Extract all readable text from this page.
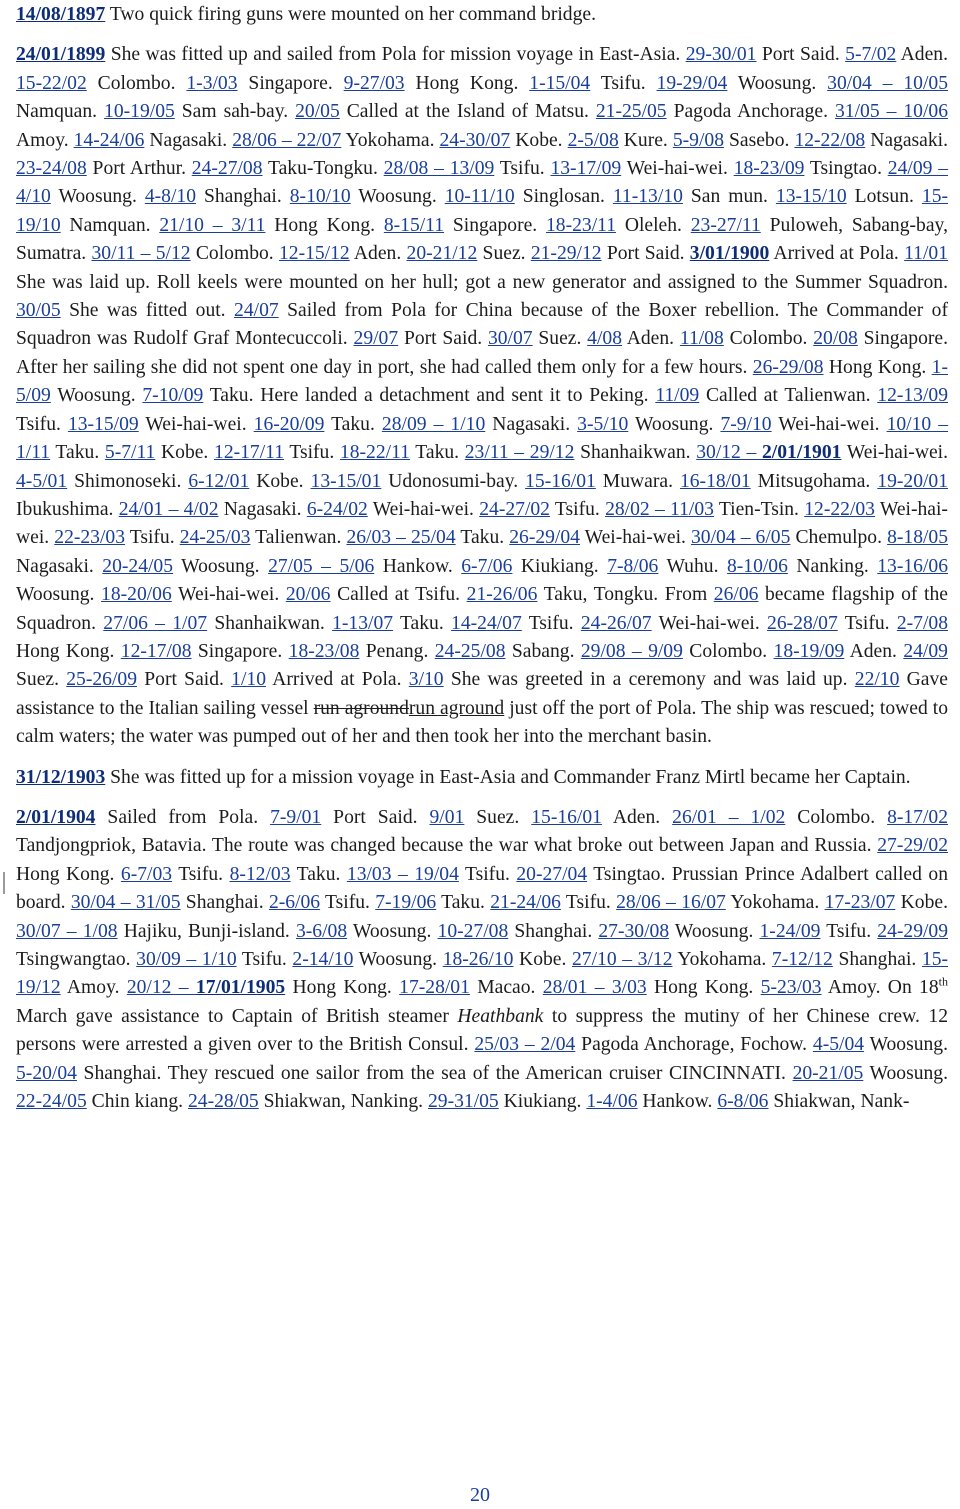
14/08/1897 Two quick firing guns were mounted on her command bridge.

24/01/1899 She was fitted up and sailed from Pola for mission voyage in East-Asia. 29-30/01 Port Said. 5-7/02 Aden. 15-22/02 Colombo. 1-3/03 Singapore. 9-27/03 Hong Kong. 1-15/04 Tsifu. 19-29/04 Woosung. 30/04 – 10/05 Namquan. 10-19/05 Sam sah-bay. 20/05 Called at the Island of Matsu. 21-25/05 Pagoda Anchorage. 31/05 – 10/06 Amoy. 14-24/06 Nagasaki. 28/06 – 22/07 Yokohama. 24-30/07 Kobe. 2-5/08 Kure. 5-9/08 Sasebo. 12-22/08 Nagasaki. 23-24/08 Port Arthur. 24-27/08 Taku-Tongku. 28/08 – 13/09 Tsifu. 13-17/09 Wei-hai-wei. 18-23/09 Tsingtao. 24/09 – 4/10 Woosung. 4-8/10 Shanghai. 8-10/10 Woosung. 10-11/10 Singlosan. 11-13/10 San mun. 13-15/10 Lotsun. 15-19/10 Namquan. 21/10 – 3/11 Hong Kong. 8-15/11 Singapore. 18-23/11 Oleleh. 23-27/11 Puloweh, Sabang-bay, Sumatra. 30/11 – 5/12 Colombo. 12-15/12 Aden. 20-21/12 Suez. 21-29/12 Port Said. 3/01/1900 Arrived at Pola. 11/01 She was laid up. Roll keels were mounted on her hull; got a new generator and assigned to the Summer Squadron. 30/05 She was fitted out. 24/07 Sailed from Pola for China because of the Boxer rebellion. The Commander of Squadron was Rudolf Graf Montecuccoli. 29/07 Port Said. 30/07 Suez. 4/08 Aden. 11/08 Colombo. 20/08 Singapore. After her sailing she did not spent one day in port, she had called them only for a few hours. 26-29/08 Hong Kong. 1-5/09 Woosung. 7-10/09 Taku. Here landed a detachment and sent it to Peking. 11/09 Called at Talienwan. 12-13/09 Tsifu. 13-15/09 Wei-hai-wei. 16-20/09 Taku. 28/09 – 1/10 Nagasaki. 3-5/10 Woosung. 7-9/10 Wei-hai-wei. 10/10 – 1/11 Taku. 5-7/11 Kobe. 12-17/11 Tsifu. 18-22/11 Taku. 23/11 – 29/12 Shanhaikwan. 30/12 – 2/01/1901 Wei-hai-wei. 4-5/01 Shimonoseki. 6-12/01 Kobe. 13-15/01 Udonosumi-bay. 15-16/01 Muwara. 16-18/01 Mitsugohama. 19-20/01 Ibukushima. 24/01 – 4/02 Nagasaki. 6-24/02 Wei-hai-wei. 24-27/02 Tsifu. 28/02 – 11/03 Tien-Tsin. 12-22/03 Wei-hai-wei. 22-23/03 Tsifu. 24-25/03 Talienwan. 26/03 – 25/04 Taku. 26-29/04 Wei-hai-wei. 30/04 – 6/05 Chemulpo. 8-18/05 Nagasaki. 20-24/05 Woosung. 27/05 – 5/06 Hankow. 6-7/06 Kiukiang. 7-8/06 Wuhu. 8-10/06 Nanking. 13-16/06 Woosung. 18-20/06 Wei-hai-wei. 20/06 Called at Tsifu. 21-26/06 Taku, Tongku. From 26/06 became flagship of the Squadron. 27/06 – 1/07 Shanhaikwan. 1-13/07 Taku. 14-24/07 Tsifu. 24-26/07 Wei-hai-wei. 26-28/07 Tsifu. 2-7/08 Hong Kong. 12-17/08 Singapore. 18-23/08 Penang. 24-25/08 Sabang. 29/08 – 9/09 Colombo. 18-19/09 Aden. 24/09 Suez. 25-26/09 Port Said. 1/10 Arrived at Pola. 3/10 She was greeted in a ceremony and was laid up. 22/10 Gave assistance to the Italian sailing vessel run agroundrun aground just off the port of Pola. The ship was rescued; towed to calm waters; the water was pumped out of her and then took her into the merchant basin.

31/12/1903 She was fitted up for a mission voyage in East-Asia and Commander Franz Mirtl became her Captain.

2/01/1904 Sailed from Pola. 7-9/01 Port Said. 9/01 Suez. 15-16/01 Aden. 26/01 – 1/02 Colombo. 8-17/02 Tandjongpriok, Batavia. The route was changed because the war what broke out between Japan and Russia. 27-29/02 Hong Kong. 6-7/03 Tsifu. 8-12/03 Taku. 13/03 – 19/04 Tsifu. 20-27/04 Tsingtao. Prussian Prince Adalbert called on board. 30/04 – 31/05 Shanghai. 2-6/06 Tsifu. 7-19/06 Taku. 21-24/06 Tsifu. 28/06 – 16/07 Yokohama. 17-23/07 Kobe. 30/07 – 1/08 Hajiku, Bunji-island. 3-6/08 Woosung. 10-27/08 Shanghai. 27-30/08 Woosung. 1-24/09 Tsifu. 24-29/09 Tsingwangtao. 30/09 – 1/10 Tsifu. 2-14/10 Woosung. 18-26/10 Kobe. 27/10 – 3/12 Yokohama. 7-12/12 Shanghai. 15-19/12 Amoy. 20/12 – 17/01/1905 Hong Kong. 17-28/01 Macao. 28/01 – 3/03 Hong Kong. 5-23/03 Amoy. On 18th March gave assistance to Captain of British steamer Heathbank to suppress the mutiny of her Chinese crew. 12 persons were arrested a given over to the British Consul. 25/03 – 2/04 Pagoda Anchorage, Fochow. 4-5/04 Woosung. 5-20/04 Shanghai. They rescued one sailor from the sea of the American cruiser CINCINNATI. 20-21/05 Woosung. 22-24/05 Chin kiang. 24-28/05 Shiakwan, Nanking. 29-31/05 Kiukiang. 1-4/06 Hankow. 6-8/06 Shiakwan, Nank-

20
